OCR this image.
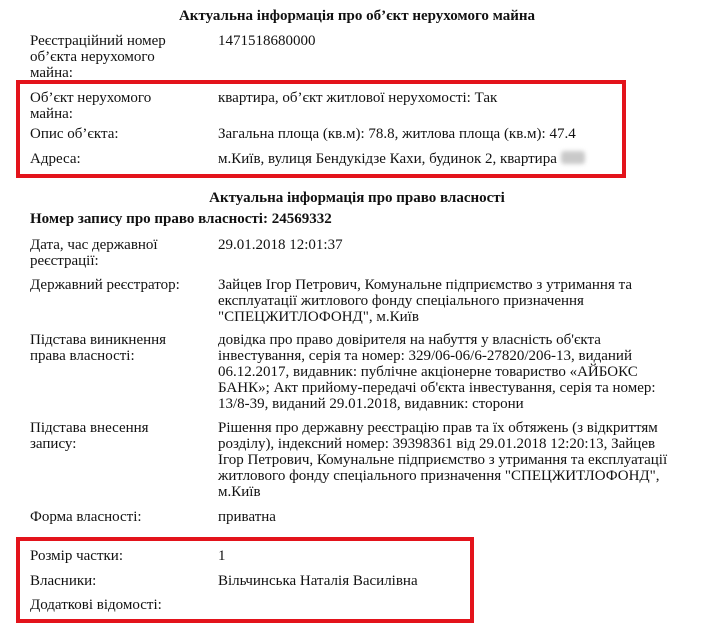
Актуальна інформація про об’єкт нерухомого майна
Реєстраційний номер об’єкта нерухомого майна:
1471518680000
Об’єкт нерухомого майна:
квартира, об’єкт житлової нерухомості: Так
Опис об’єкта:	Загальна площа (кв.м): 78.8, житлова площа (кв.м): 47.4
Адреса:	м.Київ, вулиця Бендукідзе Кахи, будинок 2, квартира
Актуальна інформація про право власності
Номер запису про право власності: 24569332
Дата, час державної реєстрації:
29.01.2018 12:01:37
Державний реєстратор:	Зайцев Ігор Петрович, Комунальне підприємство з утримання та експлуатації житлового фонду спеціального призначення "СПЕЦЖИТЛОФОНД", м.Київ
Підстава виникнення права власності:
довідка про право довірителя на набуття у власність об'єкта інвестування, серія та номер: 329/06-06/6-27820/206-13, виданий 06.12.2017, видавник: публічне акціонерне товариство «АЙБОКС БАНК»; Акт прийому-передачі об'єкта інвестування, серія та номер: 13/8-39, виданий 29.01.2018, видавник: сторони
Підстава внесення запису:
Рішення про державну реєстрацію прав та їх обтяжень (з відкриттям розділу), індексний номер: 39398361 від 29.01.2018 12:20:13, Зайцев Ігор Петрович, Комунальне підприємство з утримання та експлуатації житлового фонду спеціального призначення "СПЕЦЖИТЛОФОНД", м.Київ
Форма власності:	приватна
Розмір частки:	1
Власники:	Вільчинська Наталія Василівна
Додаткові відомості:
